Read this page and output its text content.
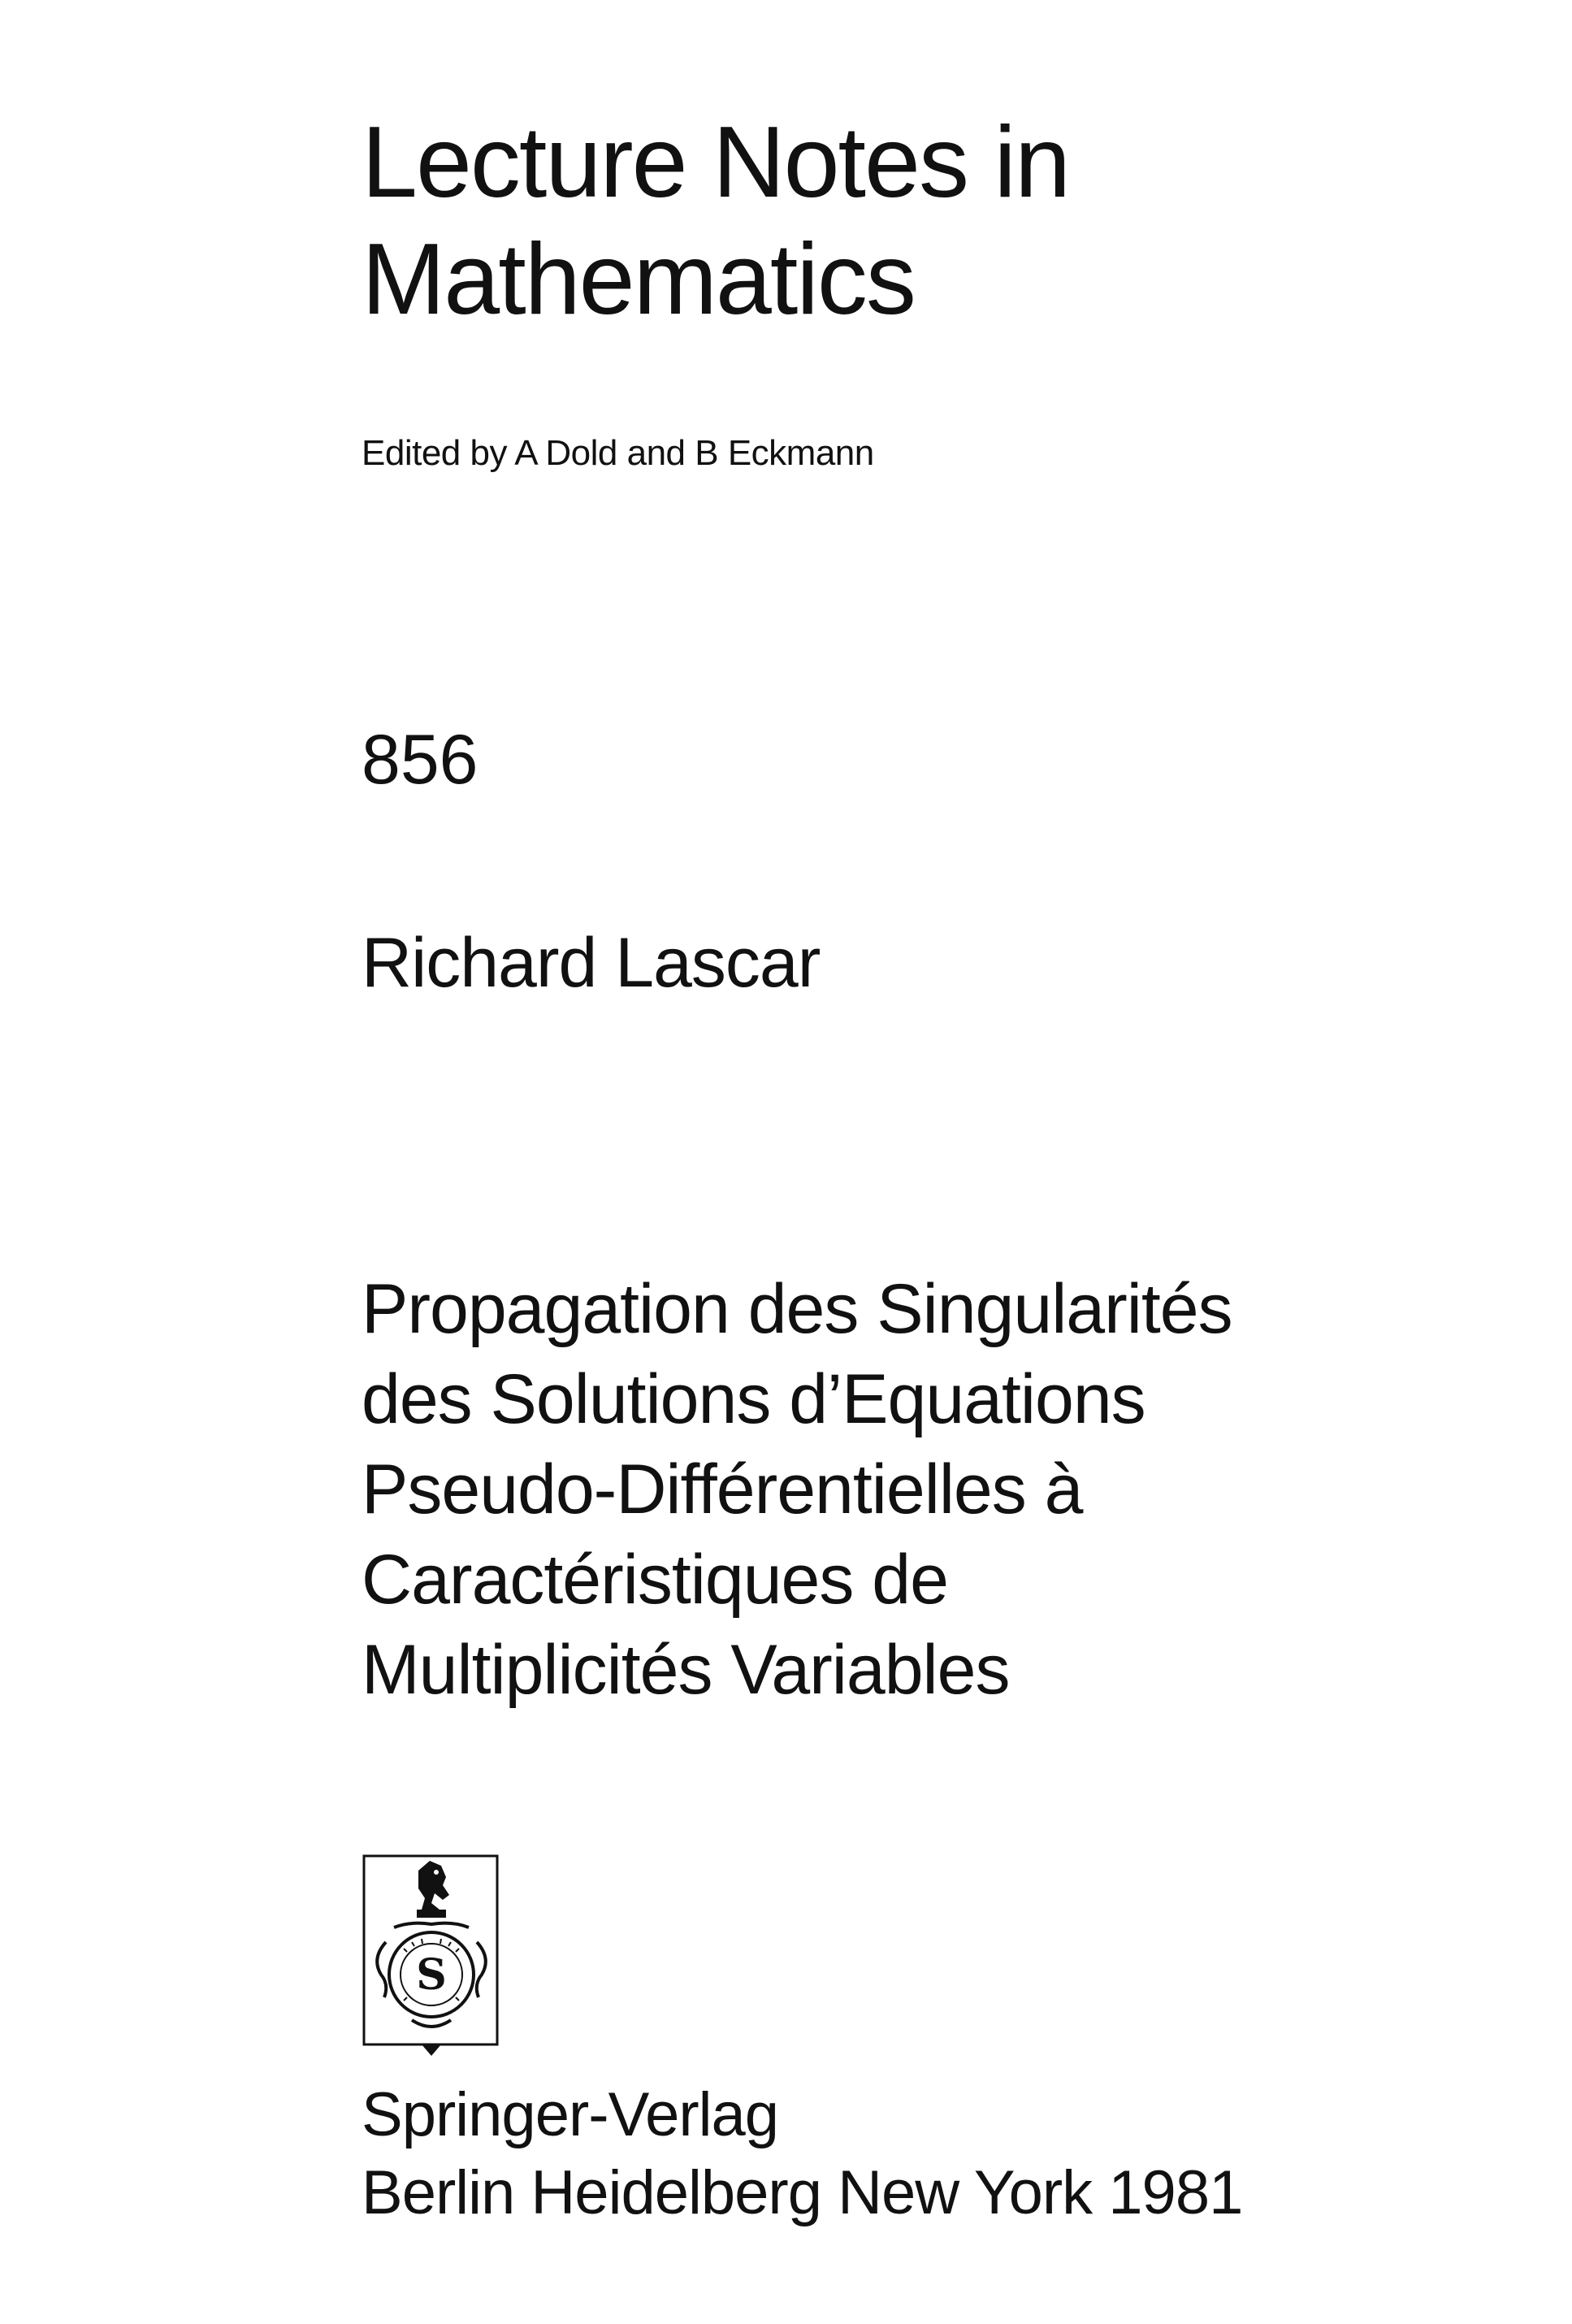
Lecture Notes in
Mathematics

Edited by A Dold and B Eckmann

856

Richard Lascar

Propagation des Singularités
des Solutions d’Equations
Pseudo-Différentielles à
Caractéristiques de
Multiplicités Variables
S
Springer-Verlag
Berlin Heidelberg New York 1981
